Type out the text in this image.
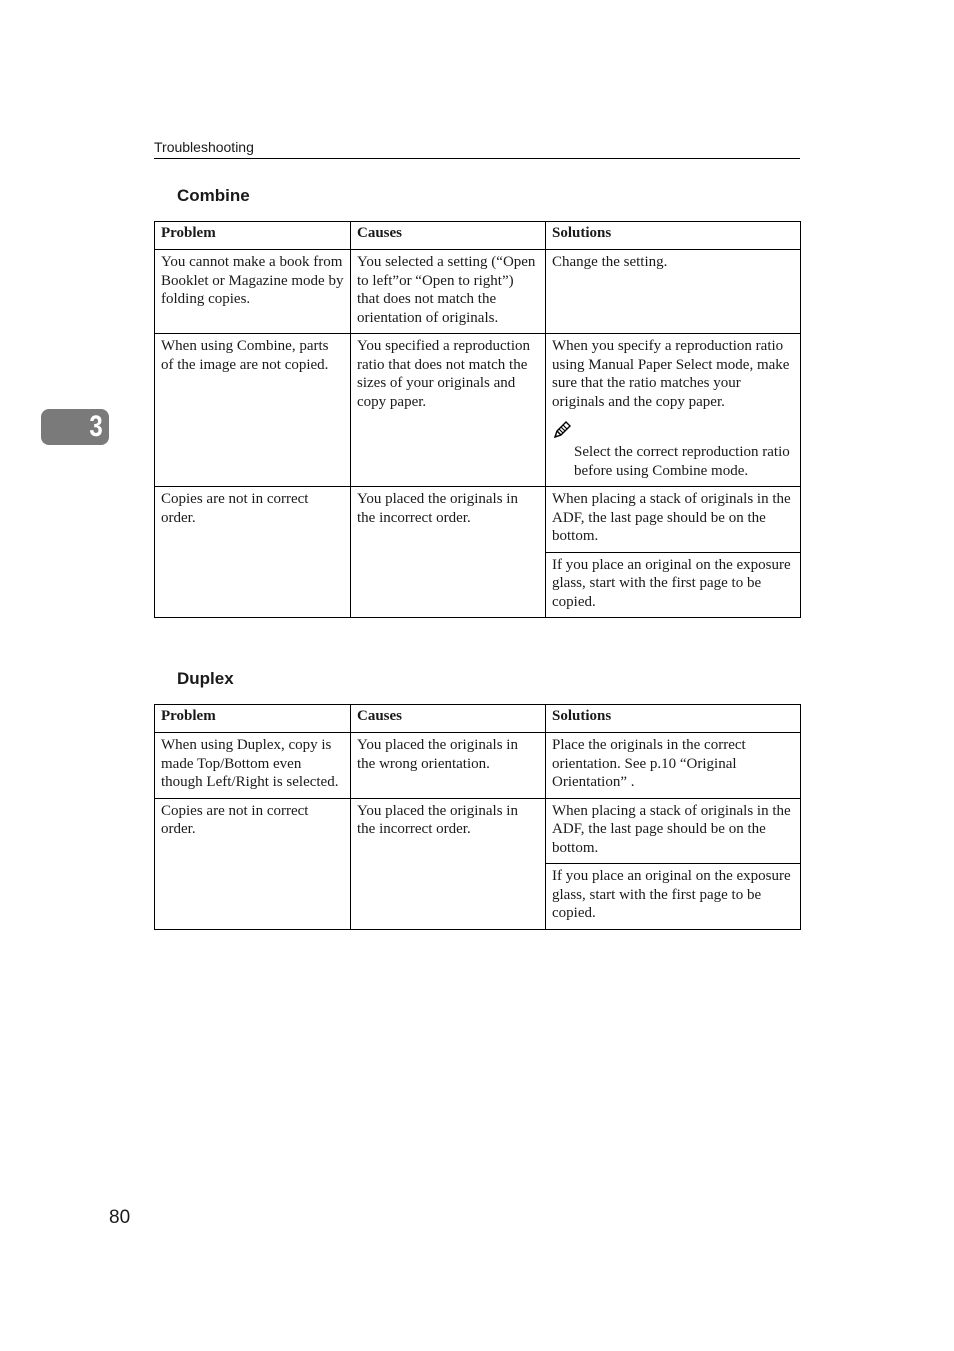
Troubleshooting
Combine
Problem	Causes	Solutions
You cannot make a book from Booklet or Magazine mode by folding copies.	You selected a setting (“Open to left”or “Open to right”) that does not match the orientation of originals.	Change the setting.
When using Combine, parts of the image are not copied.	You specified a reproduction ratio that does not match the sizes of your originals and copy paper.	When you specify a reproduction ratio using Manual Paper Select mode, make sure that the ratio matches your originals and the copy paper.
Select the correct reproduction ratio before using Combine mode.

Copies are not in correct order.	You placed the originals in the incorrect order.	When placing a stack of originals in the ADF, the last page should be on the bottom.
		If you place an original on the exposure glass, start with the first page to be copied.
Duplex
Problem	Causes	Solutions
When using Duplex, copy is made Top/Bottom even though Left/Right is selected.	You placed the originals in the wrong orientation.	Place the originals in the correct orientation. See p.10 “Original Orientation” .
Copies are not in correct order.	You placed the originals in the incorrect order.	When placing a stack of originals in the ADF, the last page should be on the bottom.
		If you place an original on the exposure glass, start with the first page to be copied.
3
80
